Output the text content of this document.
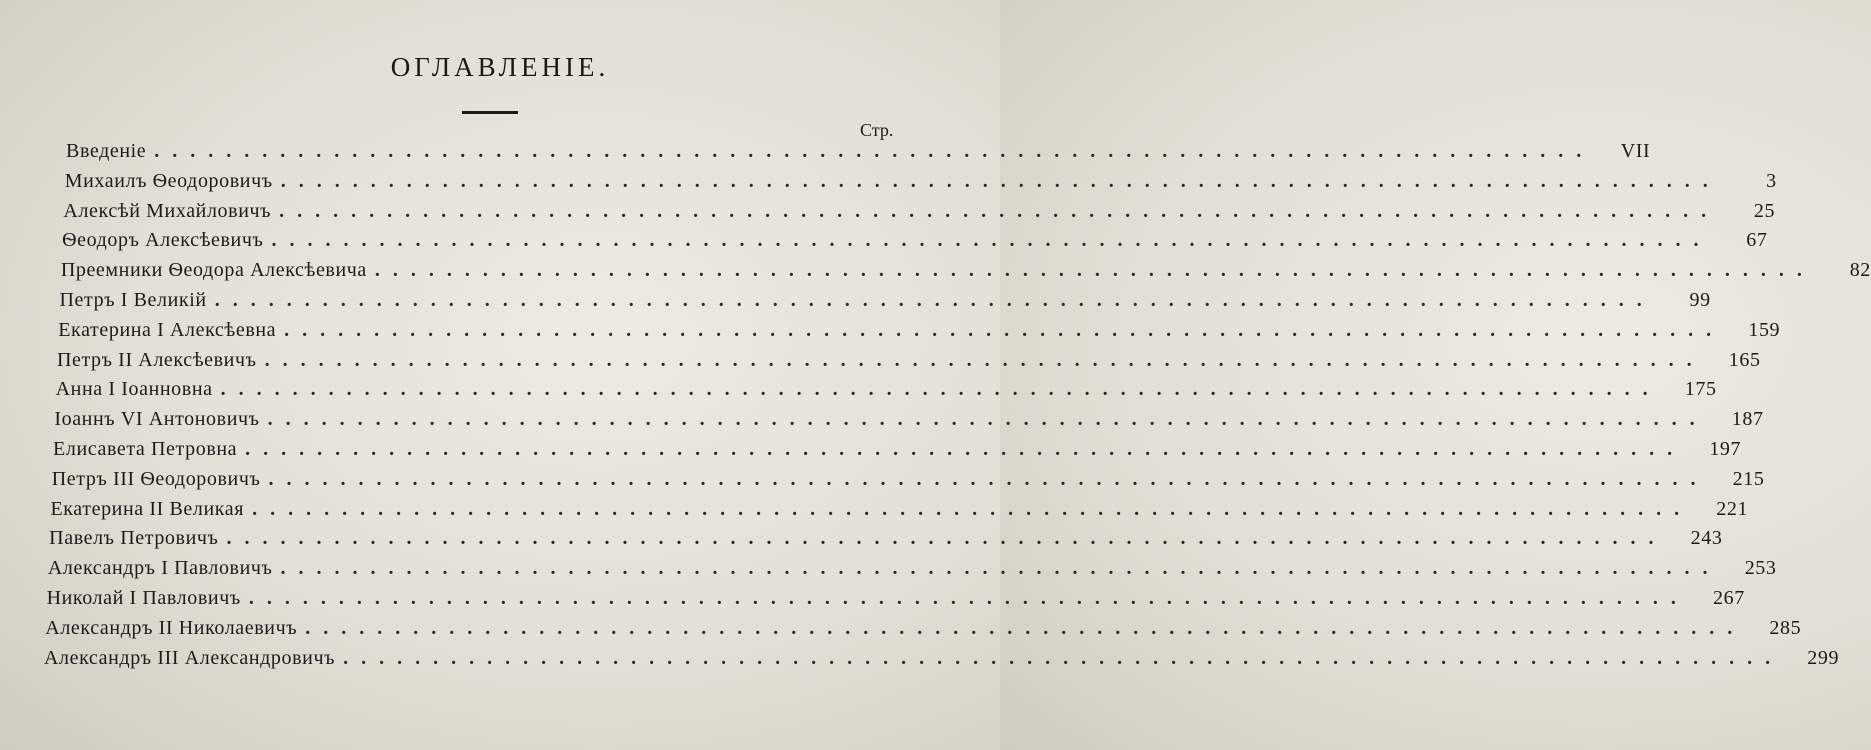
ОГЛАВЛЕНІЕ.
Стр.
Введеніе ................................................................................	VII
Михаилъ Ѳеодоровичъ ................................................................................	3
Алексѣй Михайловичъ ................................................................................	25
Ѳеодоръ Алексѣевичъ ................................................................................	67
Преемники Ѳеодора Алексѣевича ................................................................................	82
Петръ I Великій ................................................................................	99
Екатерина I Алексѣевна ................................................................................	159
Петръ II Алексѣевичъ ................................................................................	165
Анна I Іоанновна ................................................................................	175
Іоаннъ VI Антоновичъ ................................................................................	187
Елисавета Петровна ................................................................................	197
Петръ III Ѳеодоровичъ ................................................................................	215
Екатерина II Великая ................................................................................	221
Павелъ Петровичъ ................................................................................	243
Александръ I Павловичъ ................................................................................	253
Николай I Павловичъ ................................................................................	267
Александръ II Николаевичъ ................................................................................	285
Александръ III Александровичъ ................................................................................	299
